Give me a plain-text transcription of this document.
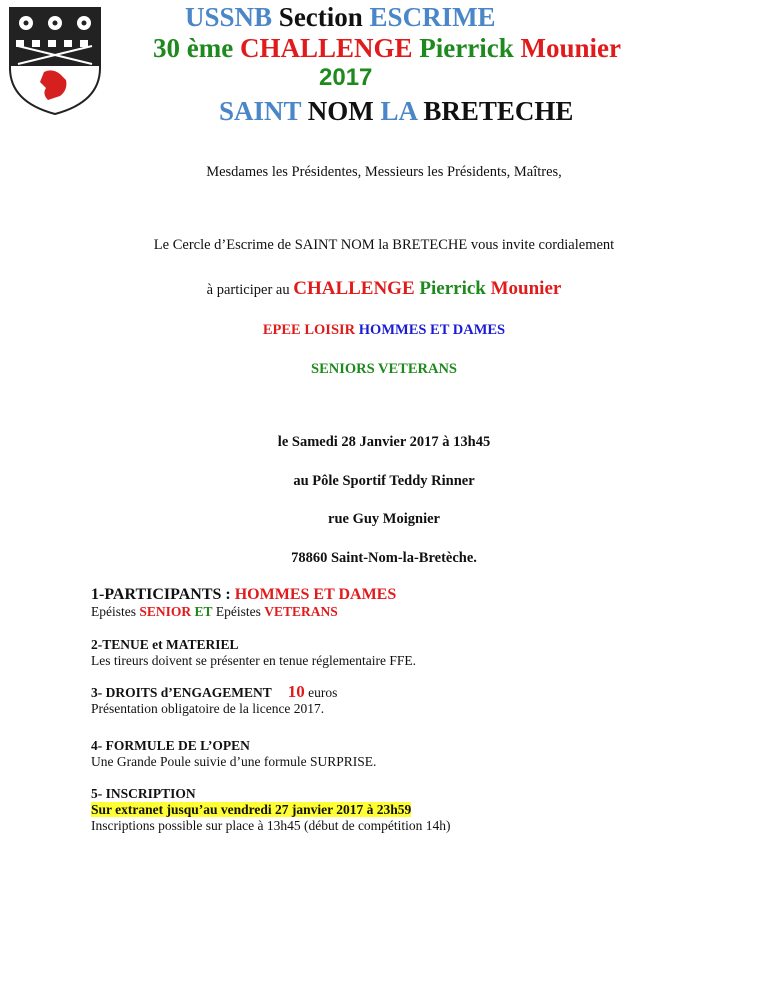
USSNB Section ESCRIME
30 ème CHALLENGE Pierrick Mounier
2017
SAINT NOM LA BRETECHE
Mesdames les Présidentes, Messieurs les Présidents, Maîtres,
Le Cercle d’Escrime de SAINT NOM la BRETECHE vous invite cordialement
à participer au CHALLENGE Pierrick Mounier
EPEE LOISIR HOMMES ET DAMES
SENIORS VETERANS
le Samedi 28 Janvier 2017 à 13h45
au Pôle Sportif Teddy Rinner
rue Guy Moignier
78860 Saint-Nom-la-Bretèche.
1-PARTICIPANTS : HOMMES ET DAMES
Epéistes SENIOR ET Epéistes VETERANS
2-TENUE et MATERIEL
Les tireurs doivent se présenter en tenue réglementaire FFE.
3- DROITS d’ENGAGEMENT 10 euros
Présentation obligatoire de la licence 2017.
4- FORMULE DE L’OPEN
Une Grande Poule suivie d’une formule SURPRISE.
5- INSCRIPTION
Sur extranet jusqu’au vendredi 27 janvier 2017 à 23h59
Inscriptions possible sur place à 13h45 (début de compétition 14h)
